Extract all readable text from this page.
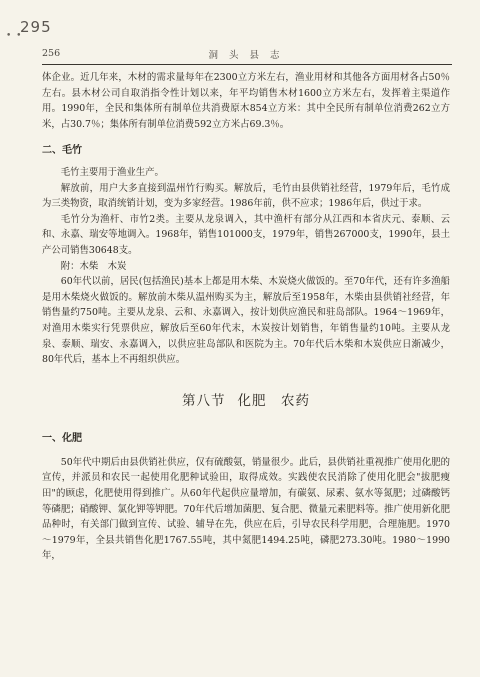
295
• •
256	洞 头 县 志

体企业。近几年来，木材的需求量每年在2300立方米左右，渔业用材和其他各方面用材各占50％左右。县木材公司自取消指令性计划以来，年平均销售木材1600立方米左右，发挥着主渠道作用。1990年，全民和集体所有制单位共消费原木854立方米：其中全民所有制单位消费262立方米，占30.7％；集体所有制单位消费592立方米占69.3％。

二、毛竹

毛竹主要用于渔业生产。

解放前，用户大多直接到温州竹行购买。解放后，毛竹由县供销社经营，1979年后，毛竹成为三类物资，取消统销计划，变为多家经营。1986年前，供不应求；1986年后，供过于求。

毛竹分为渔杆、市竹2类。主要从龙泉调入，其中渔杆有部分从江西和本省庆元、泰顺、云和、永嘉、瑞安等地调入。1968年，销售101000支，1979年，销售267000支，1990年，县土产公司销售30648支。

附：木柴　木炭

60年代以前，居民(包括渔民)基本上都是用木柴、木炭烧火做饭的。至70年代，还有许多渔船是用木柴烧火做饭的。解放前木柴从温州购买为主，解放后至1958年，木柴由县供销社经营，年销售量约750吨。主要从龙泉、云和、永嘉调入，按计划供应渔民和驻岛部队。1964～1969年，对渔用木柴实行凭票供应，解放后至60年代末，木炭按计划销售，年销售量约10吨。主要从龙泉、泰顺、瑞安、永嘉调入，以供应驻岛部队和医院为主。70年代后木柴和木炭供应日渐减少，80年代后，基本上不再组织供应。

第八节 化肥　农药
一、化肥

50年代中期后由县供销社供应，仅有硫酸氨，销量很少。此后，县供销社重视推广使用化肥的宣传，并派员和农民一起使用化肥种试验田，取得成效。实践使农民消除了使用化肥会"拔肥瘦田"的顾虑，化肥使用得到推广。从60年代起供应量增加，有碳氨、尿素、氨水等氮肥；过磷酸钙等磷肥；硝酸钾、氯化钾等钾肥。70年代后增加菌肥、复合肥、微量元素肥料等。推广使用新化肥品种时，有关部门做到宣传、试验、辅导在先，供应在后，引导农民科学用肥，合理施肥。1970～1979年，全县共销售化肥1767.55吨，其中氮肥1494.25吨，磷肥273.30吨。1980～1990年，
